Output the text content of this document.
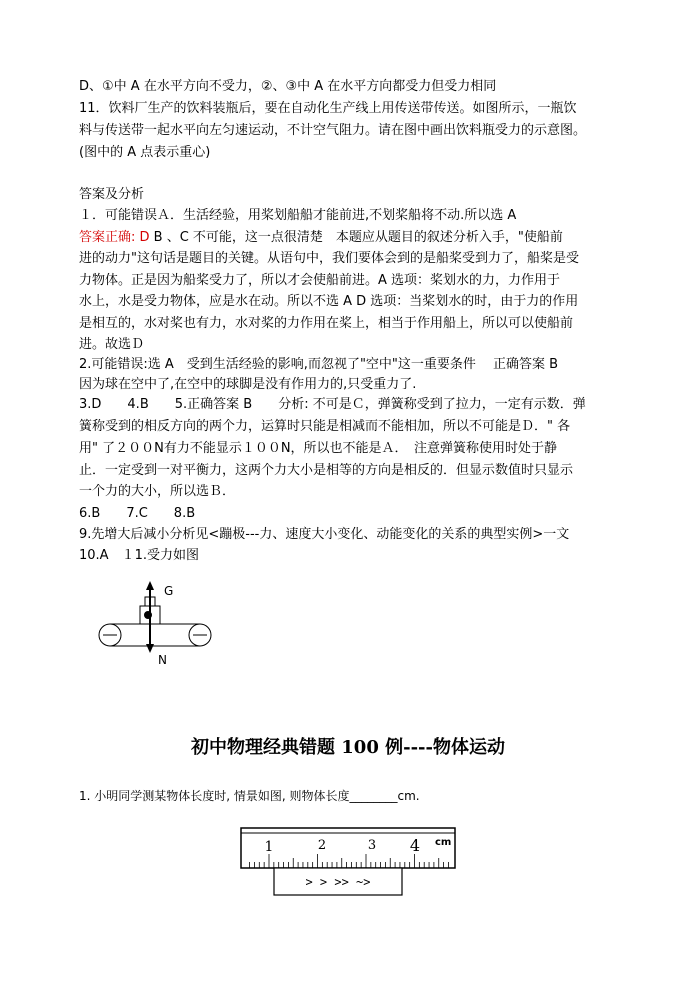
D、①中 A 在水平方向不受力，②、③中 A 在水平方向都受力但受力相同
11．饮料厂生产的饮料装瓶后，要在自动化生产线上用传送带传送。如图所示，一瓶饮
料与传送带一起水平向左匀速运动，不计空气阻力。请在图中画出饮料瓶受力的示意图。
(图中的 A 点表示重心)
答案及分析
１．可能错误Ａ．生活经验，用桨划船船才能前进,不划桨船将不动.所以选 A
答案正确: D B 、C 不可能，这一点很清楚　本题应从题目的叙述分析入手，"使船前
进的动力"这句话是题目的关键。从语句中，我们要体会到的是船桨受到力了，船桨是受
力物体。正是因为船桨受力了，所以才会使船前进。A 选项：桨划水的力，力作用于
水上，水是受力物体，应是水在动。所以不选 A D 选项：当桨划水的时，由于力的作用
是相互的，水对桨也有力，水对桨的力作用在桨上，相当于作用船上，所以可以使船前
进。故选Ｄ
2.可能错误:选 A　受到生活经验的影响,而忽视了"空中"这一重要条件　 正确答案 B
因为球在空中了,在空中的球脚是没有作用力的,只受重力了.
3.D　　4.B　　5.正确答案 B　　分析: 不可是Ｃ，弹簧称受到了拉力，一定有示数．弹
簧称受到的相反方向的两个力，运算时只能是相减而不能相加，所以不可能是Ｄ．" 各
用" 了２００N有力不能显示１００N，所以也不能是Ａ．　注意弹簧称使用时处于静
止．一定受到一对平衡力，这两个力大小是相等的方向是相反的．但显示数值时只显示
一个力的大小，所以选Ｂ．
6.B　　7.C　　8.B
9.先增大后减小分析见<蹦极---力、速度大小变化、动能变化的关系的典型实例>一文
10.A　１1.受力如图
G
N
初中物理经典错题 100 例----物体运动
1. 小明同学测某物体长度时, 情景如图, 则物体长度________cm.
1	2	3 4 cm
> > >> ~>
